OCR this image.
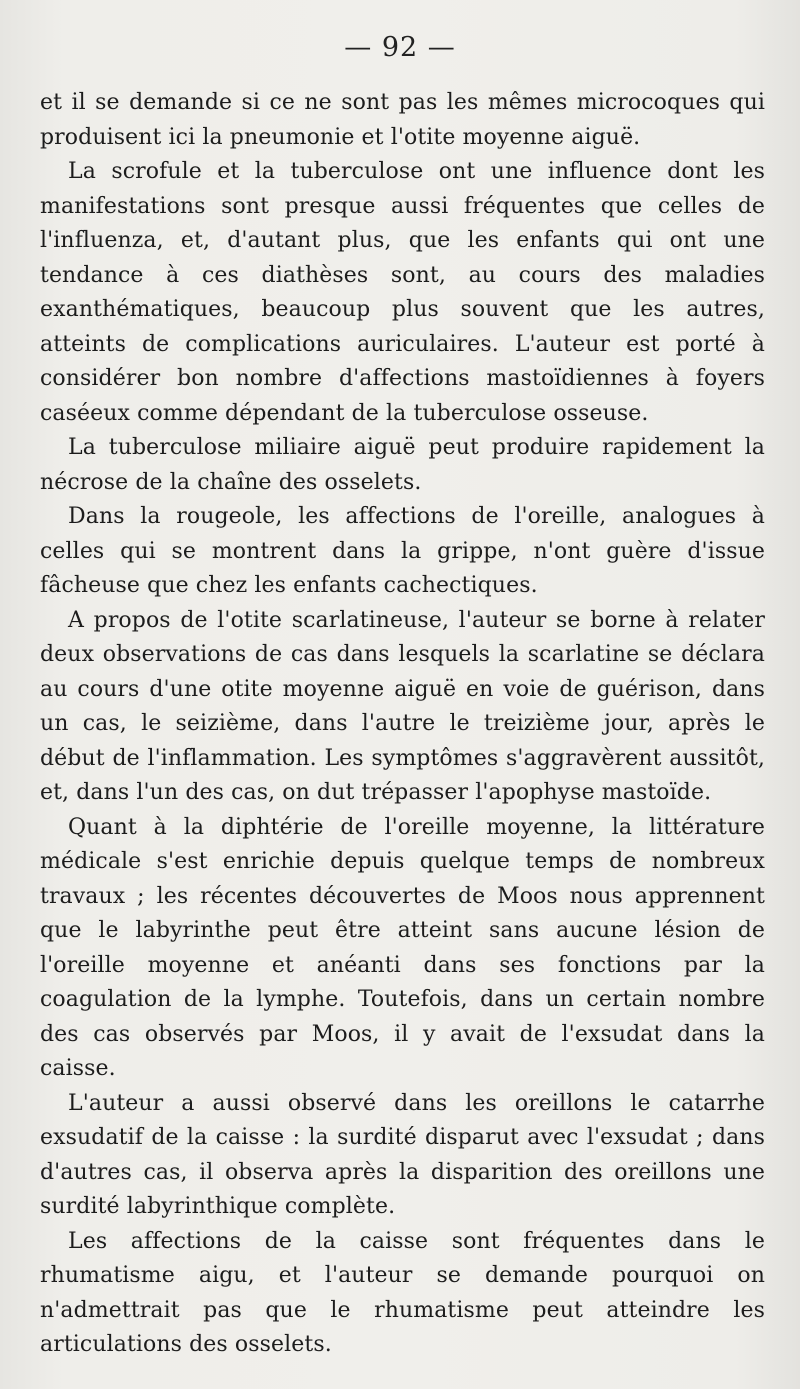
— 92 —

et il se demande si ce ne sont pas les mêmes microcoques qui produisent ici la pneumonie et l'otite moyenne aiguë.

La scrofule et la tuberculose ont une influence dont les manifestations sont presque aussi fréquentes que celles de l'influenza, et, d'autant plus, que les enfants qui ont une tendance à ces diathèses sont, au cours des maladies exanthématiques, beaucoup plus souvent que les autres, atteints de complications auriculaires. L'auteur est porté à considérer bon nombre d'affections mastoïdiennes à foyers caséeux comme dépendant de la tuberculose osseuse.

La tuberculose miliaire aiguë peut produire rapidement la nécrose de la chaîne des osselets.

Dans la rougeole, les affections de l'oreille, analogues à celles qui se montrent dans la grippe, n'ont guère d'issue fâcheuse que chez les enfants cachectiques.

A propos de l'otite scarlatineuse, l'auteur se borne à relater deux observations de cas dans lesquels la scarlatine se déclara au cours d'une otite moyenne aiguë en voie de guérison, dans un cas, le seizième, dans l'autre le treizième jour, après le début de l'inflammation. Les symptômes s'aggravèrent aussitôt, et, dans l'un des cas, on dut trépasser l'apophyse mastoïde.

Quant à la diphtérie de l'oreille moyenne, la littérature médicale s'est enrichie depuis quelque temps de nombreux travaux ; les récentes découvertes de Moos nous apprennent que le labyrinthe peut être atteint sans aucune lésion de l'oreille moyenne et anéanti dans ses fonctions par la coagulation de la lymphe. Toutefois, dans un certain nombre des cas observés par Moos, il y avait de l'exsudat dans la caisse.

L'auteur a aussi observé dans les oreillons le catarrhe exsudatif de la caisse : la surdité disparut avec l'exsudat ; dans d'autres cas, il observa après la disparition des oreillons une surdité labyrinthique complète.

Les affections de la caisse sont fréquentes dans le rhumatisme aigu, et l'auteur se demande pourquoi on n'admettrait pas que le rhumatisme peut atteindre les articulations des osselets.
